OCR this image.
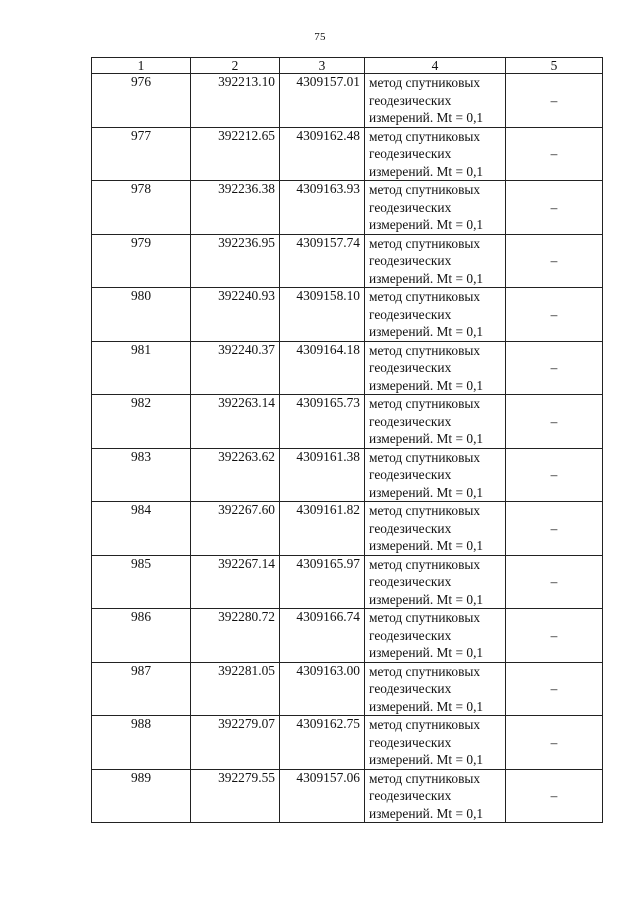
75
1	2	3	4	5
976	392213.10	4309157.01	метод спутниковых
геодезических
измерений. Mt = 0,1	–
977	392212.65	4309162.48	метод спутниковых
геодезических
измерений. Mt = 0,1	–
978	392236.38	4309163.93	метод спутниковых
геодезических
измерений. Mt = 0,1	–
979	392236.95	4309157.74	метод спутниковых
геодезических
измерений. Mt = 0,1	–
980	392240.93	4309158.10	метод спутниковых
геодезических
измерений. Mt = 0,1	–
981	392240.37	4309164.18	метод спутниковых
геодезических
измерений. Mt = 0,1	–
982	392263.14	4309165.73	метод спутниковых
геодезических
измерений. Mt = 0,1	–
983	392263.62	4309161.38	метод спутниковых
геодезических
измерений. Mt = 0,1	–
984	392267.60	4309161.82	метод спутниковых
геодезических
измерений. Mt = 0,1	–
985	392267.14	4309165.97	метод спутниковых
геодезических
измерений. Mt = 0,1	–
986	392280.72	4309166.74	метод спутниковых
геодезических
измерений. Mt = 0,1	–
987	392281.05	4309163.00	метод спутниковых
геодезических
измерений. Mt = 0,1	–
988	392279.07	4309162.75	метод спутниковых
геодезических
измерений. Mt = 0,1	–
989	392279.55	4309157.06	метод спутниковых
геодезических
измерений. Mt = 0,1	–
